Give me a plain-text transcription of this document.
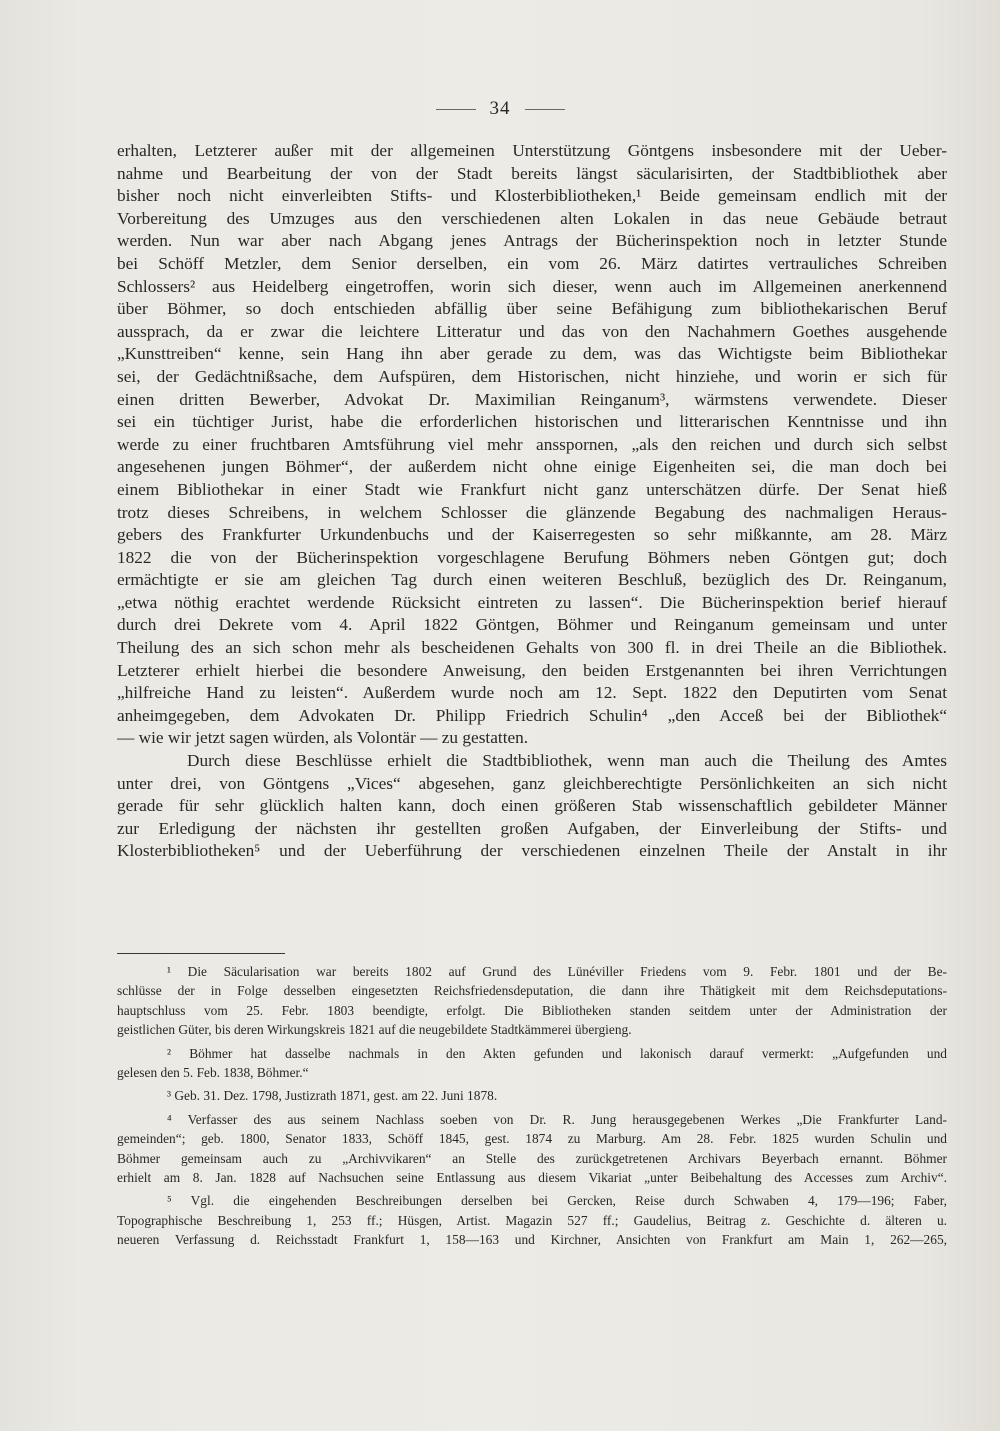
34
erhalten, Letzterer außer mit der allgemeinen Unterstützung Göntgens insbesondere mit der Ueber-
nahme und Bearbeitung der von der Stadt bereits längst säcularisirten, der Stadtbibliothek aber
bisher noch nicht einverleibten Stifts- und Klosterbibliotheken,¹ Beide gemeinsam endlich mit der
Vorbereitung des Umzuges aus den verschiedenen alten Lokalen in das neue Gebäude betraut
werden. Nun war aber nach Abgang jenes Antrags der Bücherinspektion noch in letzter Stunde
bei Schöff Metzler, dem Senior derselben, ein vom 26. März datirtes vertrauliches Schreiben
Schlossers² aus Heidelberg eingetroffen, worin sich dieser, wenn auch im Allgemeinen anerkennend
über Böhmer, so doch entschieden abfällig über seine Befähigung zum bibliothekarischen Beruf
aussprach, da er zwar die leichtere Litteratur und das von den Nachahmern Goethes ausgehende
„Kunsttreiben“ kenne, sein Hang ihn aber gerade zu dem, was das Wichtigste beim Bibliothekar
sei, der Gedächtnißsache, dem Aufspüren, dem Historischen, nicht hinziehe, und worin er sich für
einen dritten Bewerber, Advokat Dr. Maximilian Reinganum³, wärmstens verwendete. Dieser
sei ein tüchtiger Jurist, habe die erforderlichen historischen und litterarischen Kenntnisse und ihn
werde zu einer fruchtbaren Amtsführung viel mehr ansspornen, „als den reichen und durch sich selbst
angesehenen jungen Böhmer“, der außerdem nicht ohne einige Eigenheiten sei, die man doch bei
einem Bibliothekar in einer Stadt wie Frankfurt nicht ganz unterschätzen dürfe. Der Senat hieß
trotz dieses Schreibens, in welchem Schlosser die glänzende Begabung des nachmaligen Heraus-
gebers des Frankfurter Urkundenbuchs und der Kaiserregesten so sehr mißkannte, am 28. März
1822 die von der Bücherinspektion vorgeschlagene Berufung Böhmers neben Göntgen gut; doch
ermächtigte er sie am gleichen Tag durch einen weiteren Beschluß, bezüglich des Dr. Reinganum,
„etwa nöthig erachtet werdende Rücksicht eintreten zu lassen“. Die Bücherinspektion berief hierauf
durch drei Dekrete vom 4. April 1822 Göntgen, Böhmer und Reinganum gemeinsam und unter
Theilung des an sich schon mehr als bescheidenen Gehalts von 300 fl. in drei Theile an die Bibliothek.
Letzterer erhielt hierbei die besondere Anweisung, den beiden Erstgenannten bei ihren Verrichtungen
„hilfreiche Hand zu leisten“. Außerdem wurde noch am 12. Sept. 1822 den Deputirten vom Senat
anheimgegeben, dem Advokaten Dr. Philipp Friedrich Schulin⁴ „den Acceß bei der Bibliothek“
— wie wir jetzt sagen würden, als Volontär — zu gestatten.
Durch diese Beschlüsse erhielt die Stadtbibliothek, wenn man auch die Theilung des Amtes
unter drei, von Göntgens „Vices“ abgesehen, ganz gleichberechtigte Persönlichkeiten an sich nicht
gerade für sehr glücklich halten kann, doch einen größeren Stab wissenschaftlich gebildeter Männer
zur Erledigung der nächsten ihr gestellten großen Aufgaben, der Einverleibung der Stifts- und
Klosterbibliotheken⁵ und der Ueberführung der verschiedenen einzelnen Theile der Anstalt in ihr
¹ Die Säcularisation war bereits 1802 auf Grund des Lünéviller Friedens vom 9. Febr. 1801 und der Be-
schlüsse der in Folge desselben eingesetzten Reichsfriedensdeputation, die dann ihre Thätigkeit mit dem Reichsdeputations-
hauptschluss vom 25. Febr. 1803 beendigte, erfolgt. Die Bibliotheken standen seitdem unter der Administration der
geistlichen Güter, bis deren Wirkungskreis 1821 auf die neugebildete Stadtkämmerei übergieng.
² Böhmer hat dasselbe nachmals in den Akten gefunden und lakonisch darauf vermerkt: „Aufgefunden und
gelesen den 5. Feb. 1838, Böhmer.“
³ Geb. 31. Dez. 1798, Justizrath 1871, gest. am 22. Juni 1878.
⁴ Verfasser des aus seinem Nachlass soeben von Dr. R. Jung herausgegebenen Werkes „Die Frankfurter Land-
gemeinden“; geb. 1800, Senator 1833, Schöff 1845, gest. 1874 zu Marburg. Am 28. Febr. 1825 wurden Schulin und
Böhmer gemeinsam auch zu „Archivvikaren“ an Stelle des zurückgetretenen Archivars Beyerbach ernannt. Böhmer
erhielt am 8. Jan. 1828 auf Nachsuchen seine Entlassung aus diesem Vikariat „unter Beibehaltung des Accesses zum Archiv“.
⁵ Vgl. die eingehenden Beschreibungen derselben bei Gercken, Reise durch Schwaben 4, 179—196; Faber,
Topographische Beschreibung 1, 253 ff.; Hüsgen, Artist. Magazin 527 ff.; Gaudelius, Beitrag z. Geschichte d. älteren u.
neueren Verfassung d. Reichsstadt Frankfurt 1, 158—163 und Kirchner, Ansichten von Frankfurt am Main 1, 262—265,
